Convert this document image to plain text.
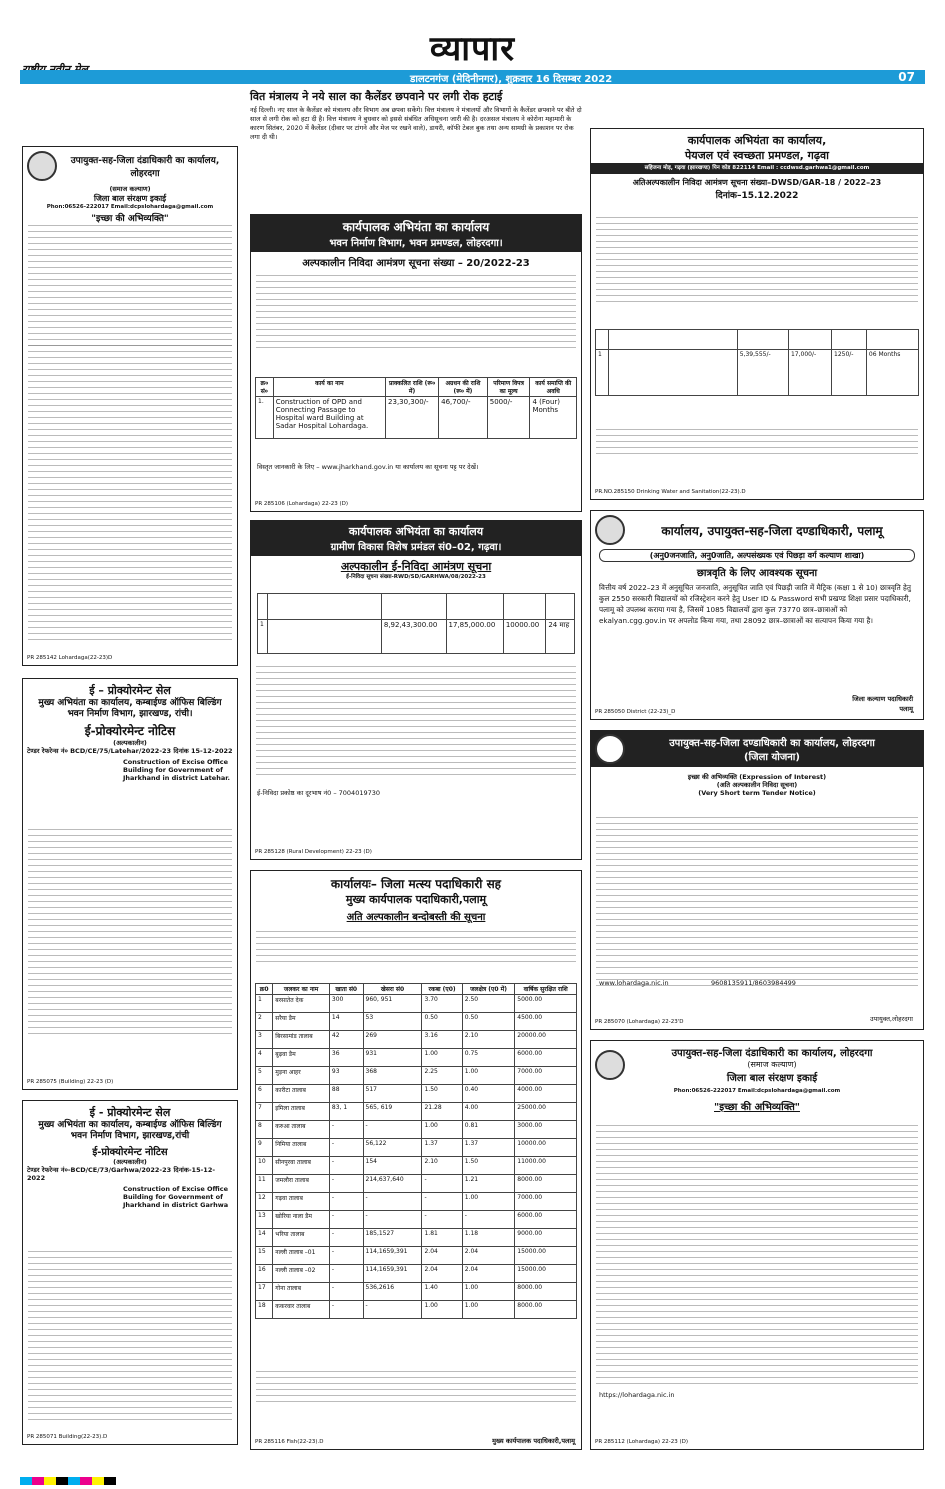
व्यापार
डालटनगंज (मेदिनीनगर), शुक्रवार 16 दिसम्बर 2022	07
वित मंत्रालय ने नये साल का कैलेंडर छपवाने पर लगी रोक हटाई
नई दिल्ली। नए साल के कैलेंडर को मंत्रालय और विभाग अब छपवा सकेंगे। वित्त मंत्रालय ने मंत्रालयों और विभागों के कैलेंडर छपवाने पर बीते दो साल से लगी रोक को हटा दी है। वित्त मंत्रालय ने बुधवार को इससे संबंधित अधिसूचना जारी की है। दरअसल मंत्रालय ने कोरोना महामारी के कारण सितंबर, 2020 में कैलेंडर (दीवार पर टांगने और मेज पर रखने वाले), डायरी, कॉफी टेबल बुक तथा अन्य सामग्री के प्रकाशन पर रोक लगा दी थी।
उपायुक्त-सह-जिला दंडाधिकारी का कार्यालय, लोहरदगा
(समाज कल्याण)
जिला बाल संरक्षण इकाई
Phon:06526-222017 Email:dcpslohardaga@gmail.com
"इच्छा की अभिव्यक्ति"
PR 285142 Lohardaga(22-23)D
ई – प्रोक्योरमेन्ट सेल
मुख्य अभियंता का कार्यालय, कम्बाईण्ड ऑफिस बिल्डिंग भवन निर्माण विभाग, झारखण्ड, रांची।
ई-प्रोक्योरमेन्ट नोटिस
(अल्पकालीन)
टेण्डर रेफरेन्स नं० BCD/CE/75/Latehar/2022-23 दिनांक 15-12-2022
Construction of Excise Office Building for Government of Jharkhand in district Latehar.
PR 285075 (Building) 22-23 (D)
ई - प्रोक्योरमेन्ट सेल
मुख्य अभियंता का कार्यालय, कम्बाईण्ड ऑफिस बिल्डिंग भवन निर्माण विभाग, झारखण्ड,रांची
ई-प्रोक्योरमेन्ट नोटिस
(अल्पकालीन)
टेण्डर रेफरेन्स नं०-BCD/CE/73/Garhwa/2022-23 दिनांक-15-12-2022
Construction of Excise Office Building for Government of Jharkhand in district Garhwa
PR 285071 Building(22-23).D
कार्यपालक अभियंता का कार्यालय
भवन निर्माण विभाग, भवन प्रमण्डल, लोहरदगा।
अल्पकालीन निविदा आमंत्रण सूचना संख्या – 20/2022-23
क्र० सं०	कार्य का नाम	प्राक्कलित राशि (रू० में)	अग्रधन की राशि (रू० में)	परिमाण विपत्र का मूल्य	कार्य समाप्ति की अवधि
1.	Construction of OPD and Connecting Passage to Hospital ward Building at Sadar Hospital Lohardaga.	23,30,300/-	46,700/-	5000/-	4 (Four) Months
विस्तृत जानकारी के लिए – www.jharkhand.gov.in या कार्यालय का सूचना पट्ट पर देखें।
PR 285106 (Lohardaga) 22-23 (D)
कार्यपालक अभियंता का कार्यालय
ग्रामीण विकास विशेष प्रमंडल सं0–02, गढ़वा।
अल्पकालीन ई-निविदा आमंत्रण सूचना
ई-निविदा सूचना संख्या-RWD/SD/GARHWA/08/2022-23

1		8,92,43,300.00	17,85,000.00	10000.00	24 माह
ई-निविदा प्रकोष्ठ का दूरभाष नं0 – 7004019730
PR 285128 (Rural Development) 22-23 (D)
कार्यालयः– जिला मत्स्य पदाधिकारी सह
मुख्य कार्यपालक पदाधिकारी,पलामू
अति अल्पकालीन बन्दोबस्ती की सूचना
क्र0	जलकर का नाम	खाता सं0	खेसरा सं0	रकबा (ए0)	जलक्षेत्र (ए0 में)	वार्षिक सुरक्षित राशि
1	बरसातेत देक	300	960, 951	3.70	2.50	5000.00
2	सरैया डैम	14	53	0.50	0.50	4500.00
3	बिरसामांड तालाब	42	269	3.16	2.10	20000.00
4	बुढ़वा डैम	36	931	1.00	0.75	6000.00
5	मुड़ना आहर	93	368	2.25	1.00	7000.00
6	कारीटा तालाब	88	517	1.50	0.40	4000.00
7	इमिला तालाब	83, 1	565, 619	21.28	4.00	25000.00
8	करुआ तालाब	-	-	1.00	0.81	3000.00
9	निमिया तालाब	-	56,122	1.37	1.37	10000.00
10	सीनपुरवा तालाब	-	154	2.10	1.50	11000.00
11	जमलौरा तालाब	-	214,637,640	-	1.21	8000.00
12	गढ़वा तालाब	-	-	-	1.00	7000.00
13	खोरिया नाला डैम	-	-	-	-	6000.00
14	भरिया तालाब	-	185,1527	1.81	1.18	9000.00
15	नल्ली तालाब –01	-	114,1659,391	2.04	2.04	15000.00
16	नल्ली तालाब –02	-	114,1659,391	2.04	2.04	15000.00
17	गोना तालाब	-	536,2616	1.40	1.00	8000.00
18	ककरवार तालाब	-	-	1.00	1.00	8000.00
मुख्य कार्यपालक पदाधिकारी,पलामू
PR 285116 Fish(22-23).D
कार्यपालक अभियंता का कार्यालय,
पेयजल एवं स्वच्छता प्रमण्डल, गढ़वा
सहिजना मोड़, गढ़वा (झारखण्ड) पिन कोड 822114 Email : ccdwsd.garhwa1@gmail.com
अतिअल्पकालीन निविदा आमंत्रण सूचना संख्या–DWSD/GAR-18 / 2022–23
दिनांक–15.12.2022

1		5,39,555/-	17,000/-	1250/-	06 Months
PR.NO.285150 Drinking Water and Sanitation(22-23).D
कार्यालय, उपायुक्त-सह-जिला दण्डाधिकारी, पलामू
(अनु0जनजाति, अनु0जाति, अल्पसंख्यक एवं पिछड़ा वर्ग कल्याण शाखा)
छात्रवृति के लिए आवश्यक सूचना
वित्तीय वर्ष 2022–23 में अनुसूचित जनजाति, अनुसूचित जाति एवं पिछड़ी जाति में मैट्रिक (कक्षा 1 से 10) छात्रवृति हेतु कुल 2550 सरकारी विद्यालयों को रजिस्ट्रेशन करने हेतु User ID & Password सभी प्रखण्ड शिक्षा प्रसार पदाधिकारी, पलामू को उपलब्ध कराया गया है, जिसमें 1085 विद्यालयों द्वारा कुल 73770 छात्र–छात्राओं को ekalyan.cgg.gov.in पर अपलोड किया गया, तथा 28092 छात्र–छात्राओं का सत्यापन किया गया है।
जिला कल्याण पदाधिकारी
पलामू
PR 285050 District (22-23)_D
उपायुक्त-सह-जिला दण्डाधिकारी का कार्यालय, लोहरदगा
(जिला योजना)
इच्छा की अभिव्यक्ति (Expression of Interest)
(अति अल्पकालीन निविदा सूचना)
(Very Short term Tender Notice)
www.lohardaga.nic.in	9608135911/8603984499
उपायुक्त,लोहरदगा
PR 285070 (Lohardaga) 22-23'D
उपायुक्त-सह-जिला दंडाधिकारी का कार्यालय, लोहरदगा
(समाज कल्याण)
जिला बाल संरक्षण इकाई
Phon:06526-222017 Email:dcpslohardaga@gmail.com
"इच्छा की अभिव्यक्ति"
https://lohardaga.nic.in
PR 285112 (Lohardaga) 22-23 (D)
